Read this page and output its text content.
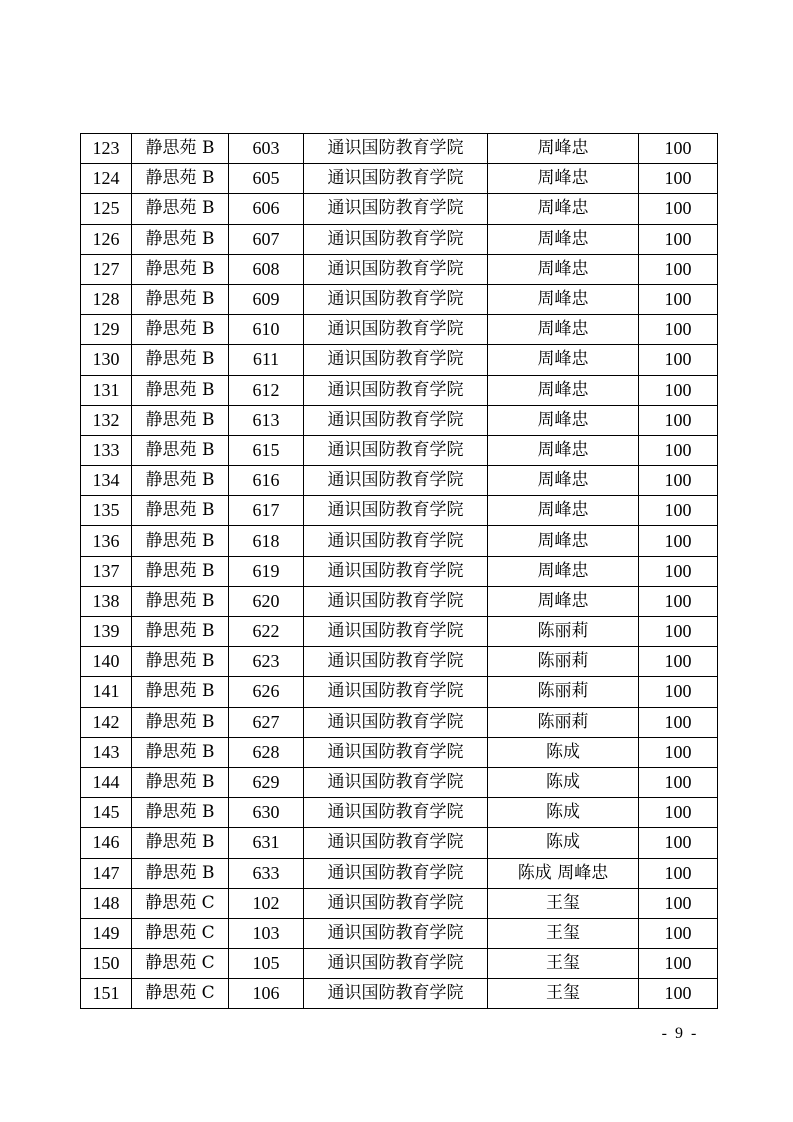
123	静思苑 B	603	通识国防教育学院	周峰忠	100
124	静思苑 B	605	通识国防教育学院	周峰忠	100
125	静思苑 B	606	通识国防教育学院	周峰忠	100
126	静思苑 B	607	通识国防教育学院	周峰忠	100
127	静思苑 B	608	通识国防教育学院	周峰忠	100
128	静思苑 B	609	通识国防教育学院	周峰忠	100
129	静思苑 B	610	通识国防教育学院	周峰忠	100
130	静思苑 B	611	通识国防教育学院	周峰忠	100
131	静思苑 B	612	通识国防教育学院	周峰忠	100
132	静思苑 B	613	通识国防教育学院	周峰忠	100
133	静思苑 B	615	通识国防教育学院	周峰忠	100
134	静思苑 B	616	通识国防教育学院	周峰忠	100
135	静思苑 B	617	通识国防教育学院	周峰忠	100
136	静思苑 B	618	通识国防教育学院	周峰忠	100
137	静思苑 B	619	通识国防教育学院	周峰忠	100
138	静思苑 B	620	通识国防教育学院	周峰忠	100
139	静思苑 B	622	通识国防教育学院	陈丽莉	100
140	静思苑 B	623	通识国防教育学院	陈丽莉	100
141	静思苑 B	626	通识国防教育学院	陈丽莉	100
142	静思苑 B	627	通识国防教育学院	陈丽莉	100
143	静思苑 B	628	通识国防教育学院	陈成	100
144	静思苑 B	629	通识国防教育学院	陈成	100
145	静思苑 B	630	通识国防教育学院	陈成	100
146	静思苑 B	631	通识国防教育学院	陈成	100
147	静思苑 B	633	通识国防教育学院	陈成 周峰忠	100
148	静思苑 C	102	通识国防教育学院	王玺	100
149	静思苑 C	103	通识国防教育学院	王玺	100
150	静思苑 C	105	通识国防教育学院	王玺	100
151	静思苑 C	106	通识国防教育学院	王玺	100
- 9 -
